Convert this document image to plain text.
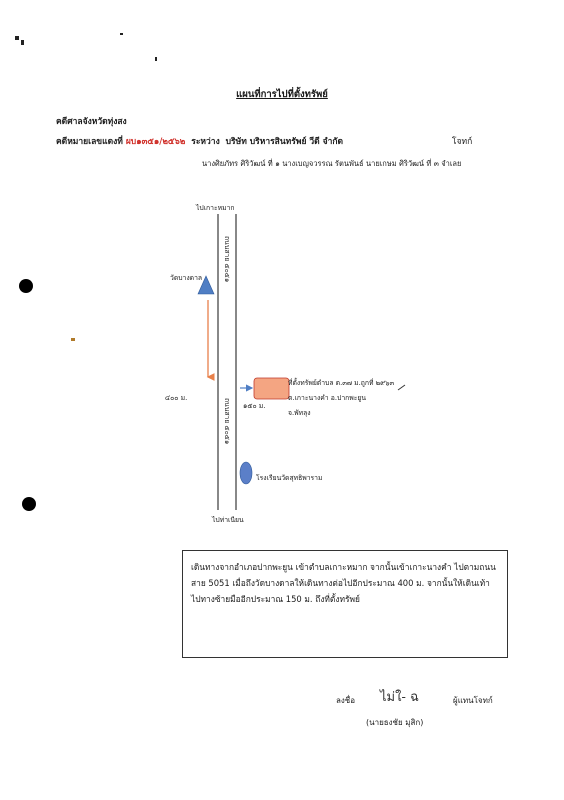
แผนที่การไปที่ตั้งทรัพย์
คดีศาลจังหวัดทุ่งสง
คดีหมายเลขแดงที่ ผบ๑๓๕๑/๒๕๖๒ ระหว่าง บริษัท บริหารสินทรัพย์ วีดี จำกัด	โจทก์
นางศิยภัทร ศิริวัฒน์ ที่ ๑ นางเบญจวรรณ รัตนพันธ์ นายเกษม ศิริวัฒน์ ที่ ๓ จำเลย
ไปเกาะหมาก
ถนนสาย ๕๐๕๑
วัดบางดาล
๔๐๐ ม.
๑๕๐ ม.
ถนนสาย ๕๐๕๑
ที่ตั้งทรัพย์ตำบล ต.๓๗ ม.ถูกที่ ๒๙๖๓
ต.เกาะนางคำ อ.ปากพะยูน
จ.พัทลุง
โรงเรียนวัดสุทธิพาราม
ไปท่าเนียน
เดินทางจากอำเภอปากพะยูน เข้าตำบลเกาะหมาก จากนั้นเข้าเกาะนางคำ ไปตามถนนสาย 5051 เมื่อถึงวัดบางดาลให้เดินทางต่อไปอีกประมาณ 400 ม. จากนั้นให้เดินเท้าไปทางซ้ายมืออีกประมาณ 150 ม. ถึงที่ตั้งทรัพย์
ลงชื่อ ไม่ใ- ฉ	ผู้แทนโจทก์
(นายธงชัย มุสิก)
